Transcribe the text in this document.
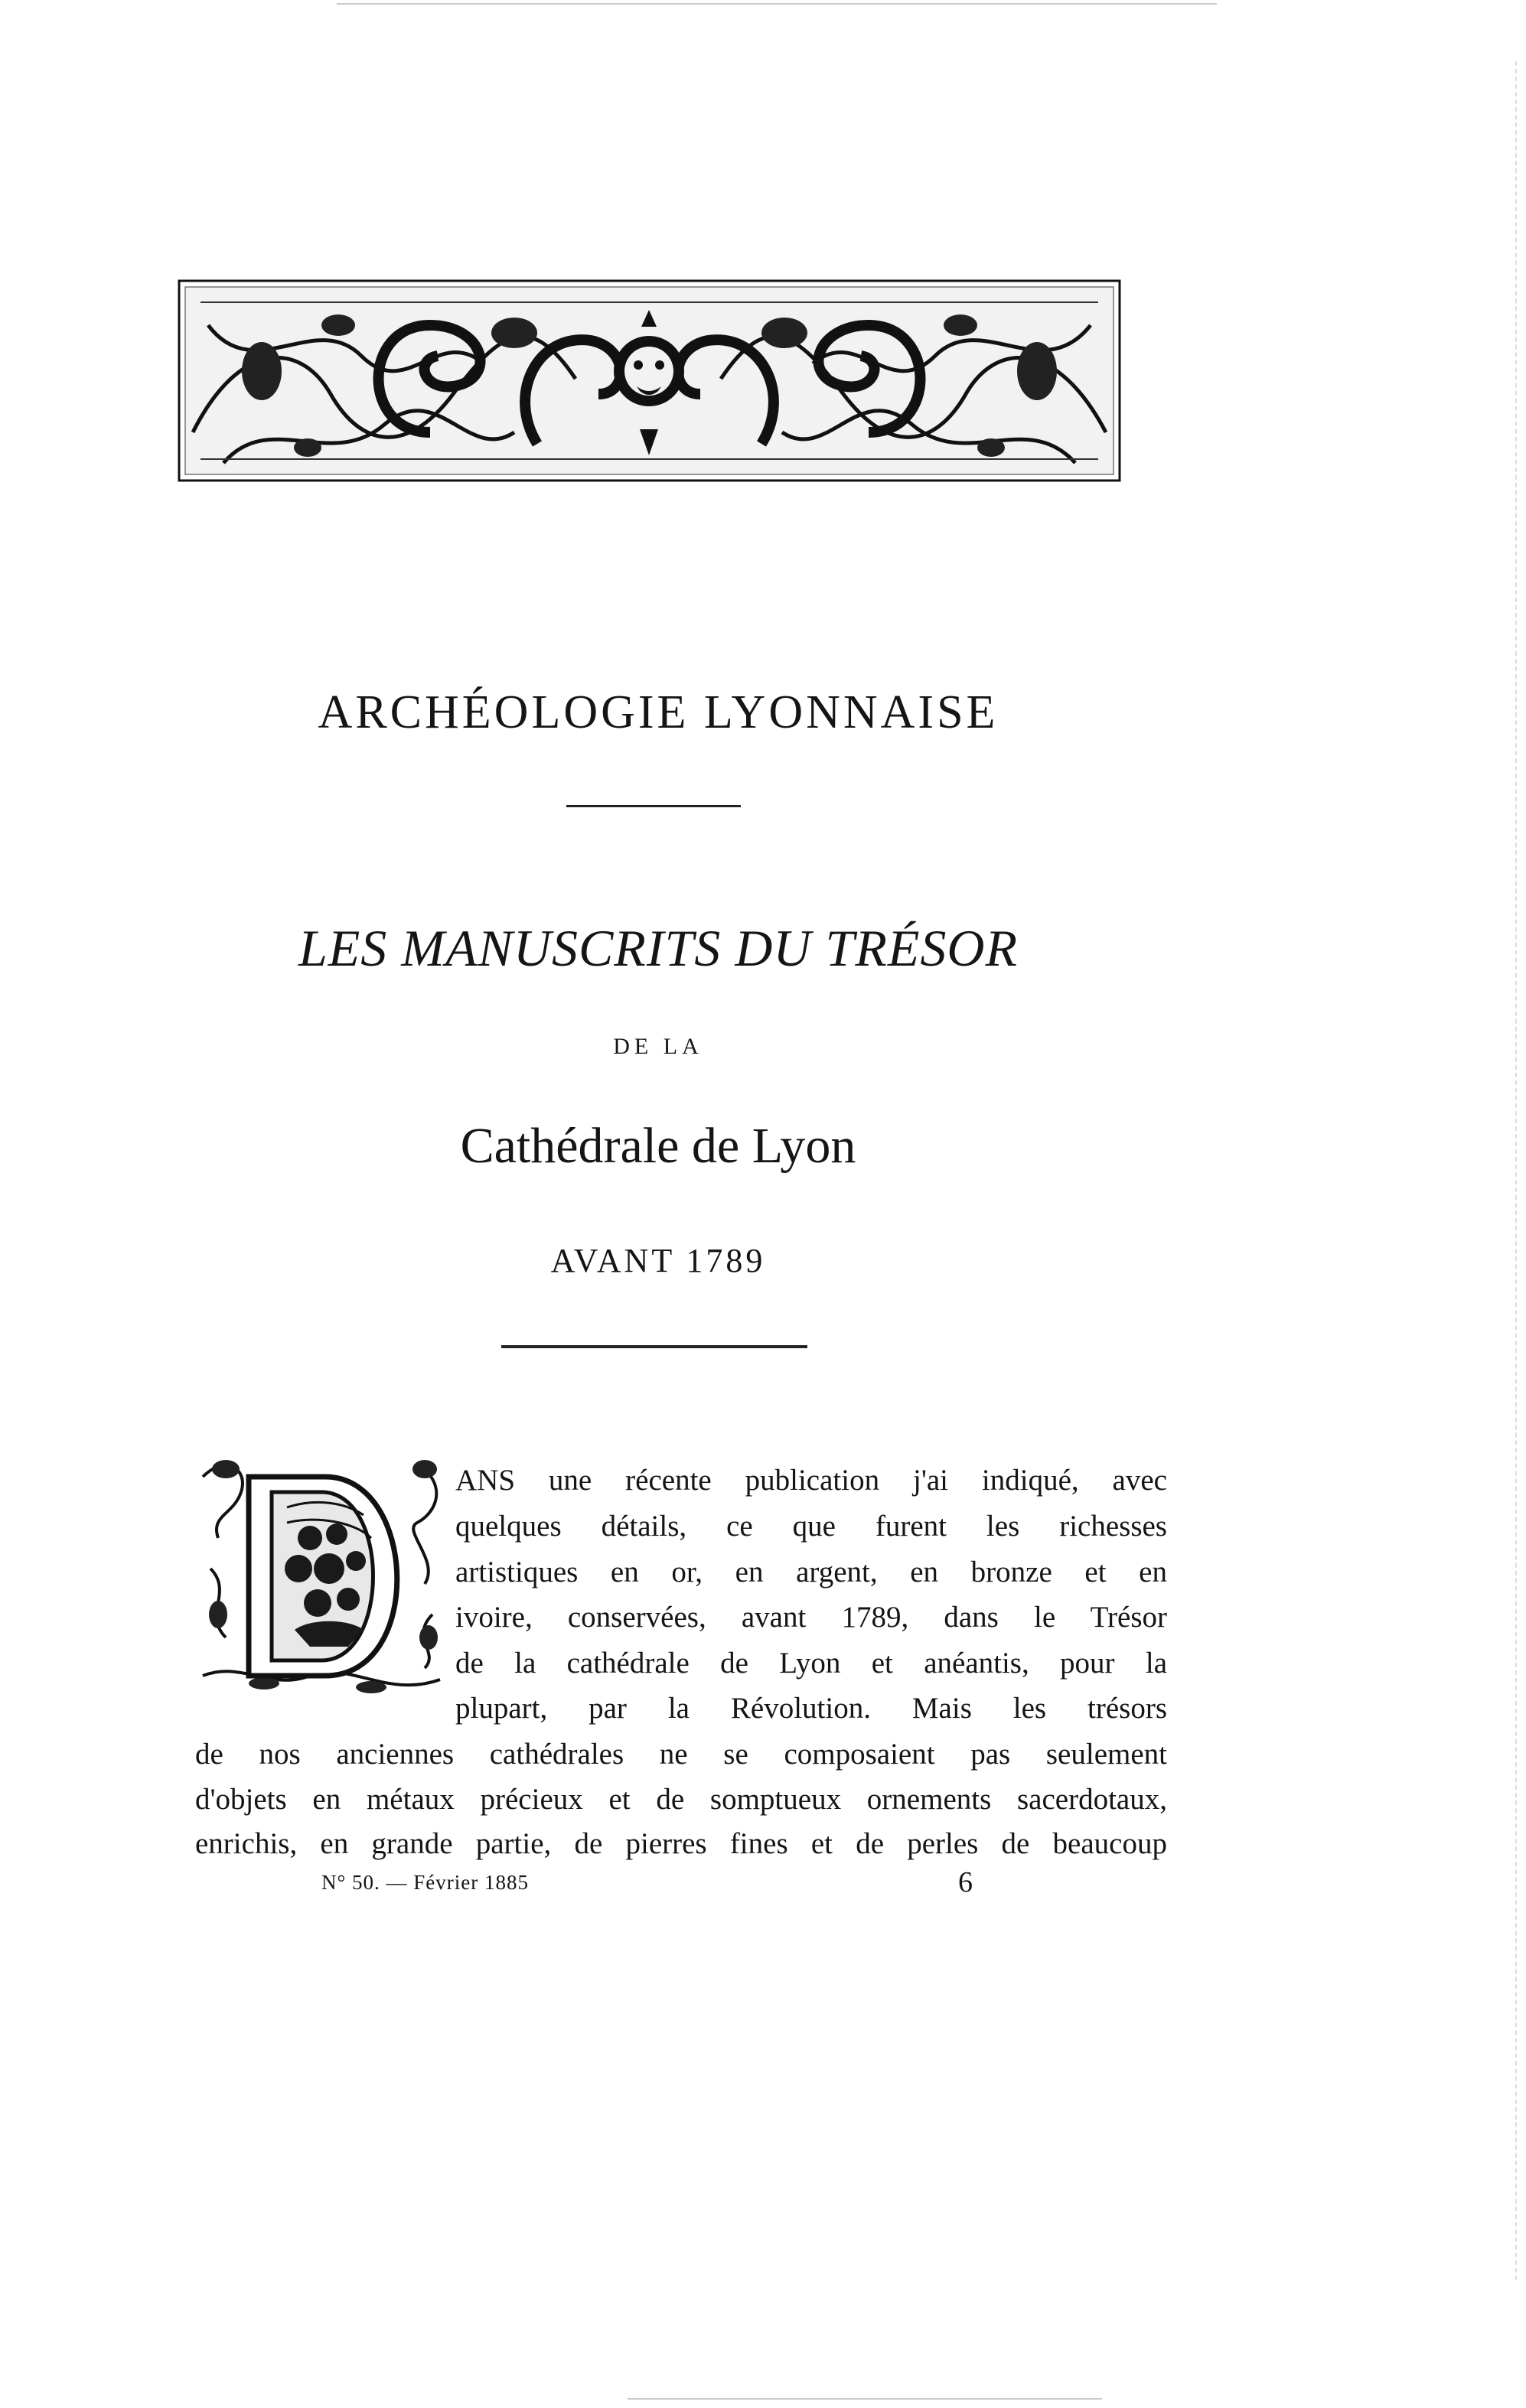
ARCHÉOLOGIE LYONNAISE
LES MANUSCRITS DU TRÉSOR
DE LA
Cathédrale de Lyon
AVANT 1789
ANS une récente publication j'ai indiqué, avec
quelques détails, ce que furent les richesses
artistiques en or, en argent, en bronze et en
ivoire, conservées, avant 1789, dans le Trésor
de la cathédrale de Lyon et anéantis, pour la
plupart, par la Révolution. Mais les trésors
de nos anciennes cathédrales ne se composaient pas seulement
d'objets en métaux précieux et de somptueux ornements sacerdotaux,
enrichis, en grande partie, de pierres fines et de perles de beaucoup
N° 50. — Février 1885	6
